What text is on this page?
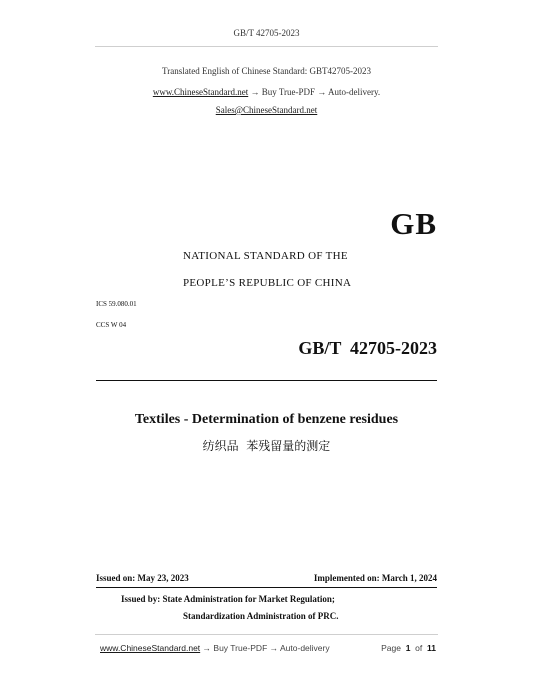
GB/T 42705-2023
Translated English of Chinese Standard: GBT42705-2023
www.ChineseStandard.net → Buy True-PDF → Auto-delivery.
Sales@ChineseStandard.net
GB
NATIONAL STANDARD OF THE
PEOPLE’S REPUBLIC OF CHINA
ICS 59.080.01
CCS W 04
GB/T  42705-2023
Textiles - Determination of benzene residues
纺织品  苯残留量的测定
Issued on: May 23, 2023	Implemented on: March 1, 2024
Issued by: State Administration for Market Regulation;
Standardization Administration of PRC.
www.ChineseStandard.net → Buy True-PDF → Auto-delivery	Page 1 of 11
